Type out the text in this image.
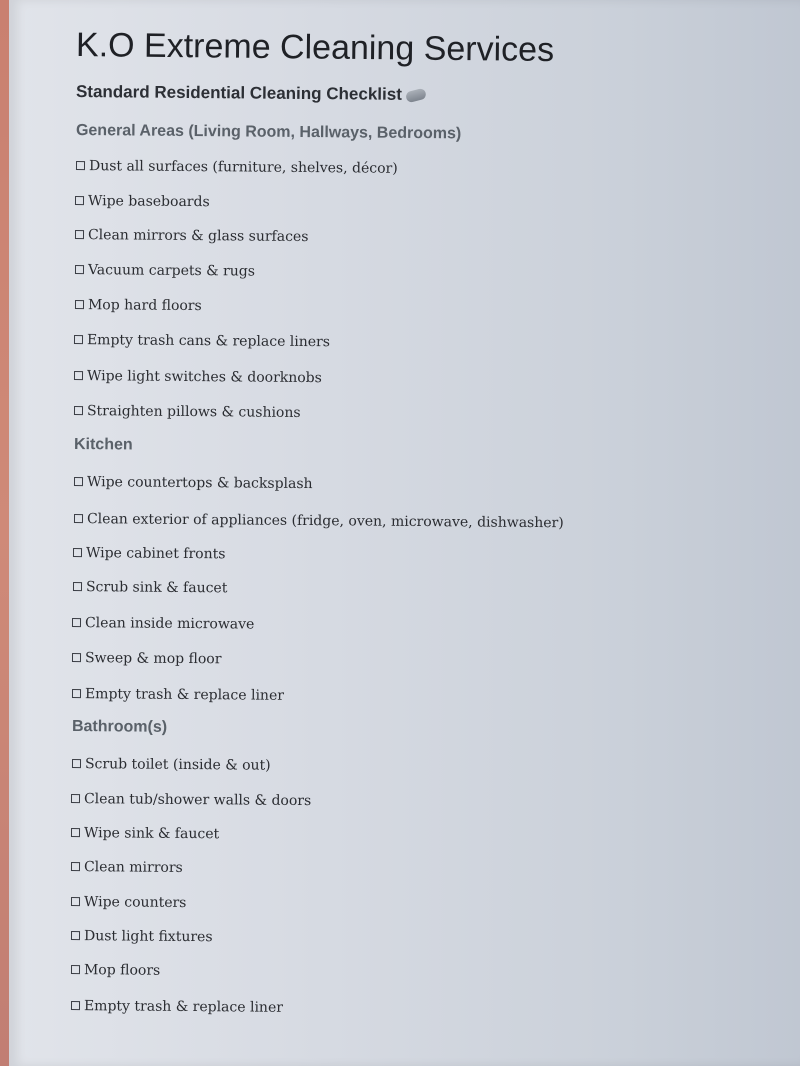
K.O Extreme Cleaning Services
Standard Residential Cleaning Checklist
General Areas (Living Room, Hallways, Bedrooms)
Dust all surfaces (furniture, shelves, décor)
Wipe baseboards
Clean mirrors & glass surfaces
Vacuum carpets & rugs
Mop hard floors
Empty trash cans & replace liners
Wipe light switches & doorknobs
Straighten pillows & cushions
Kitchen
Wipe countertops & backsplash
Clean exterior of appliances (fridge, oven, microwave, dishwasher)
Wipe cabinet fronts
Scrub sink & faucet
Clean inside microwave
Sweep & mop floor
Empty trash & replace liner
Bathroom(s)
Scrub toilet (inside & out)
Clean tub/shower walls & doors
Wipe sink & faucet
Clean mirrors
Wipe counters
Dust light fixtures
Mop floors
Empty trash & replace liner
